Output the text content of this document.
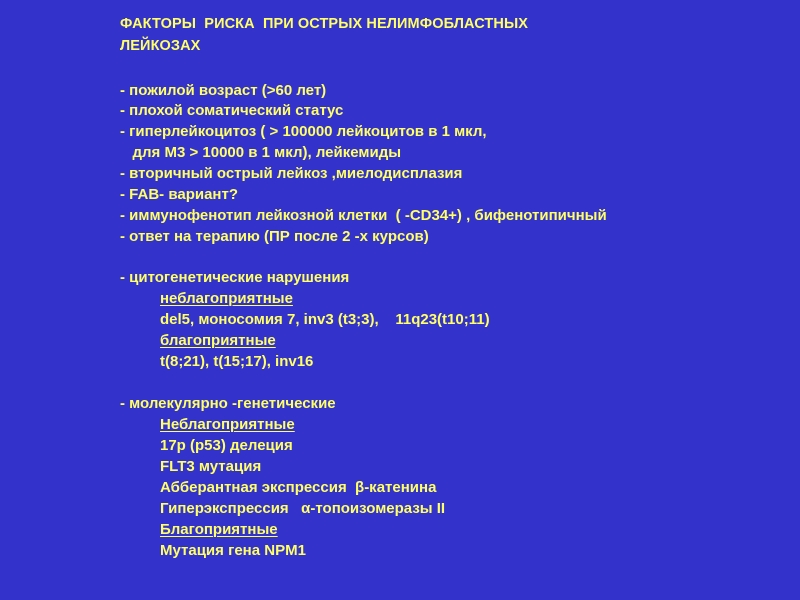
ФАКТОРЫ  РИСКА  ПРИ ОСТРЫХ НЕЛИМФОБЛАСТНЫХ
ЛЕЙКОЗАХ
- пожилой возраст (>60 лет)
- плохой соматический статус
- гиперлейкоцитоз ( > 100000 лейкоцитов в 1 мкл,
для М3 > 10000 в 1 мкл), лейкемиды
- вторичный острый лейкоз ,миелодисплазия
- FAB- вариант?
- иммунофенотип лейкозной клетки  ( -CD34+) , бифенотипичный
- ответ на терапию (ПР после 2 -х курсов)
- цитогенетические нарушения
неблагоприятные
del5, моносомия 7, inv3 (t3;3),    11q23(t10;11)
благоприятные
t(8;21), t(15;17), inv16
- молекулярно -генетические
Неблагоприятные
17p (p53) делеция
FLT3 мутация
Абберантная экспрессия  β-катенина
Гиперэкспрессия   α-топоизомеразы II
Благоприятные
Мутация гена NPM1
